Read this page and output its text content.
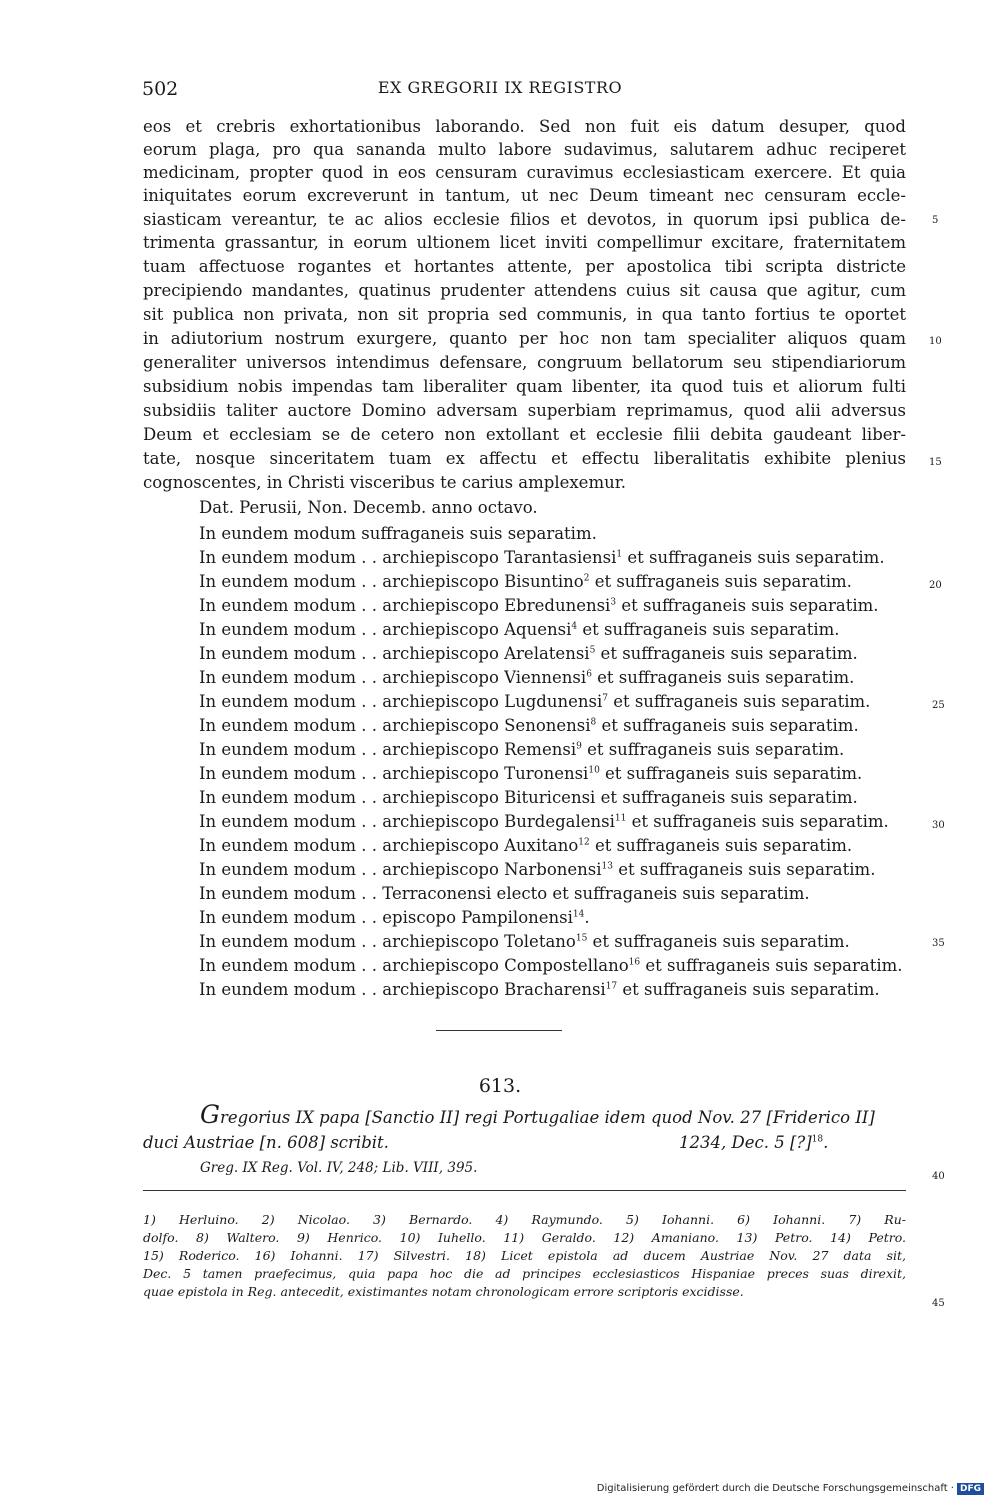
502	EX GREGORII IX REGISTRO
eos et crebris exhortationibus laborando. Sed non fuit eis datum desuper, quod
eorum plaga, pro qua sananda multo labore sudavimus, salutarem adhuc reciperet
medicinam, propter quod in eos censuram curavimus ecclesiasticam exercere. Et quia
iniquitates eorum excreverunt in tantum, ut nec Deum timeant nec censuram eccle-
siasticam vereantur, te ac alios ecclesie filios et devotos, in quorum ipsi publica de-
trimenta grassantur, in eorum ultionem licet inviti compellimur excitare, fraternitatem
tuam affectuose rogantes et hortantes attente, per apostolica tibi scripta districte
precipiendo mandantes, quatinus prudenter attendens cuius sit causa que agitur, cum
sit publica non privata, non sit propria sed communis, in qua tanto fortius te oportet
in adiutorium nostrum exurgere, quanto per hoc non tam specialiter aliquos quam
generaliter universos intendimus defensare, congruum bellatorum seu stipendiariorum
subsidium nobis impendas tam liberaliter quam libenter, ita quod tuis et aliorum fulti
subsidiis taliter auctore Domino adversam superbiam reprimamus, quod alii adversus
Deum et ecclesiam se de cetero non extollant et ecclesie filii debita gaudeant liber-
tate, nosque sinceritatem tuam ex affectu et effectu liberalitatis exhibite plenius
cognoscentes, in Christi visceribus te carius amplexemur.
Dat. Perusii, Non. Decemb. anno octavo.
In eundem modum suffraganeis suis separatim.
In eundem modum . . archiepiscopo Tarantasiensi$^1$ et suffraganeis suis separatim.
In eundem modum . . archiepiscopo Bisuntino$^2$ et suffraganeis suis separatim.
In eundem modum . . archiepiscopo Ebredunensi$^3$ et suffraganeis suis separatim.
In eundem modum . . archiepiscopo Aquensi$^4$ et suffraganeis suis separatim.
In eundem modum . . archiepiscopo Arelatensi$^5$ et suffraganeis suis separatim.
In eundem modum . . archiepiscopo Viennensi$^6$ et suffraganeis suis separatim.
In eundem modum . . archiepiscopo Lugdunensi$^7$ et suffraganeis suis separatim.
In eundem modum . . archiepiscopo Senonensi$^8$ et suffraganeis suis separatim.
In eundem modum . . archiepiscopo Remensi$^9$ et suffraganeis suis separatim.
In eundem modum . . archiepiscopo Turonensi$^{10}$ et suffraganeis suis separatim.
In eundem modum . . archiepiscopo Bituricensi et suffraganeis suis separatim.
In eundem modum . . archiepiscopo Burdegalensi$^{11}$ et suffraganeis suis separatim.
In eundem modum . . archiepiscopo Auxitano$^{12}$ et suffraganeis suis separatim.
In eundem modum . . archiepiscopo Narbonensi$^{13}$ et suffraganeis suis separatim.
In eundem modum . . Terraconensi electo et suffraganeis suis separatim.
In eundem modum . . episcopo Pampilonensi$^{14}$.
In eundem modum . . archiepiscopo Toletano$^{15}$ et suffraganeis suis separatim.
In eundem modum . . archiepiscopo Compostellano$^{16}$ et suffraganeis suis separatim.
In eundem modum . . archiepiscopo Bracharensi$^{17}$ et suffraganeis suis separatim.
5
10
15
20
25
30
35
40
45
613.
Gregorius IX papa [Sanctio II] regi Portugaliae idem quod Nov. 27 [Friderico II]
duci Austriae [n. 608] scribit.	1234, Dec. 5 [?]$^{18}$.
Greg. IX Reg. Vol. IV, 248; Lib. VIII, 395.
1) Herluino. 2) Nicolao. 3) Bernardo. 4) Raymundo. 5) Iohanni. 6) Iohanni. 7) Ru-
dolfo. 8) Waltero. 9) Henrico. 10) Iuhello. 11) Geraldo. 12) Amaniano. 13) Petro. 14) Petro.
15) Roderico. 16) Iohanni. 17) Silvestri. 18) Licet epistola ad ducem Austriae Nov. 27 data sit,
Dec. 5 tamen praefecimus, quia papa hoc die ad principes ecclesiasticos Hispaniae preces suas direxit,
quae epistola in Reg. antecedit, existimantes notam chronologicam errore scriptoris excidisse.
Digitalisierung gefördert durch die Deutsche Forschungsgemeinschaft · DFG
